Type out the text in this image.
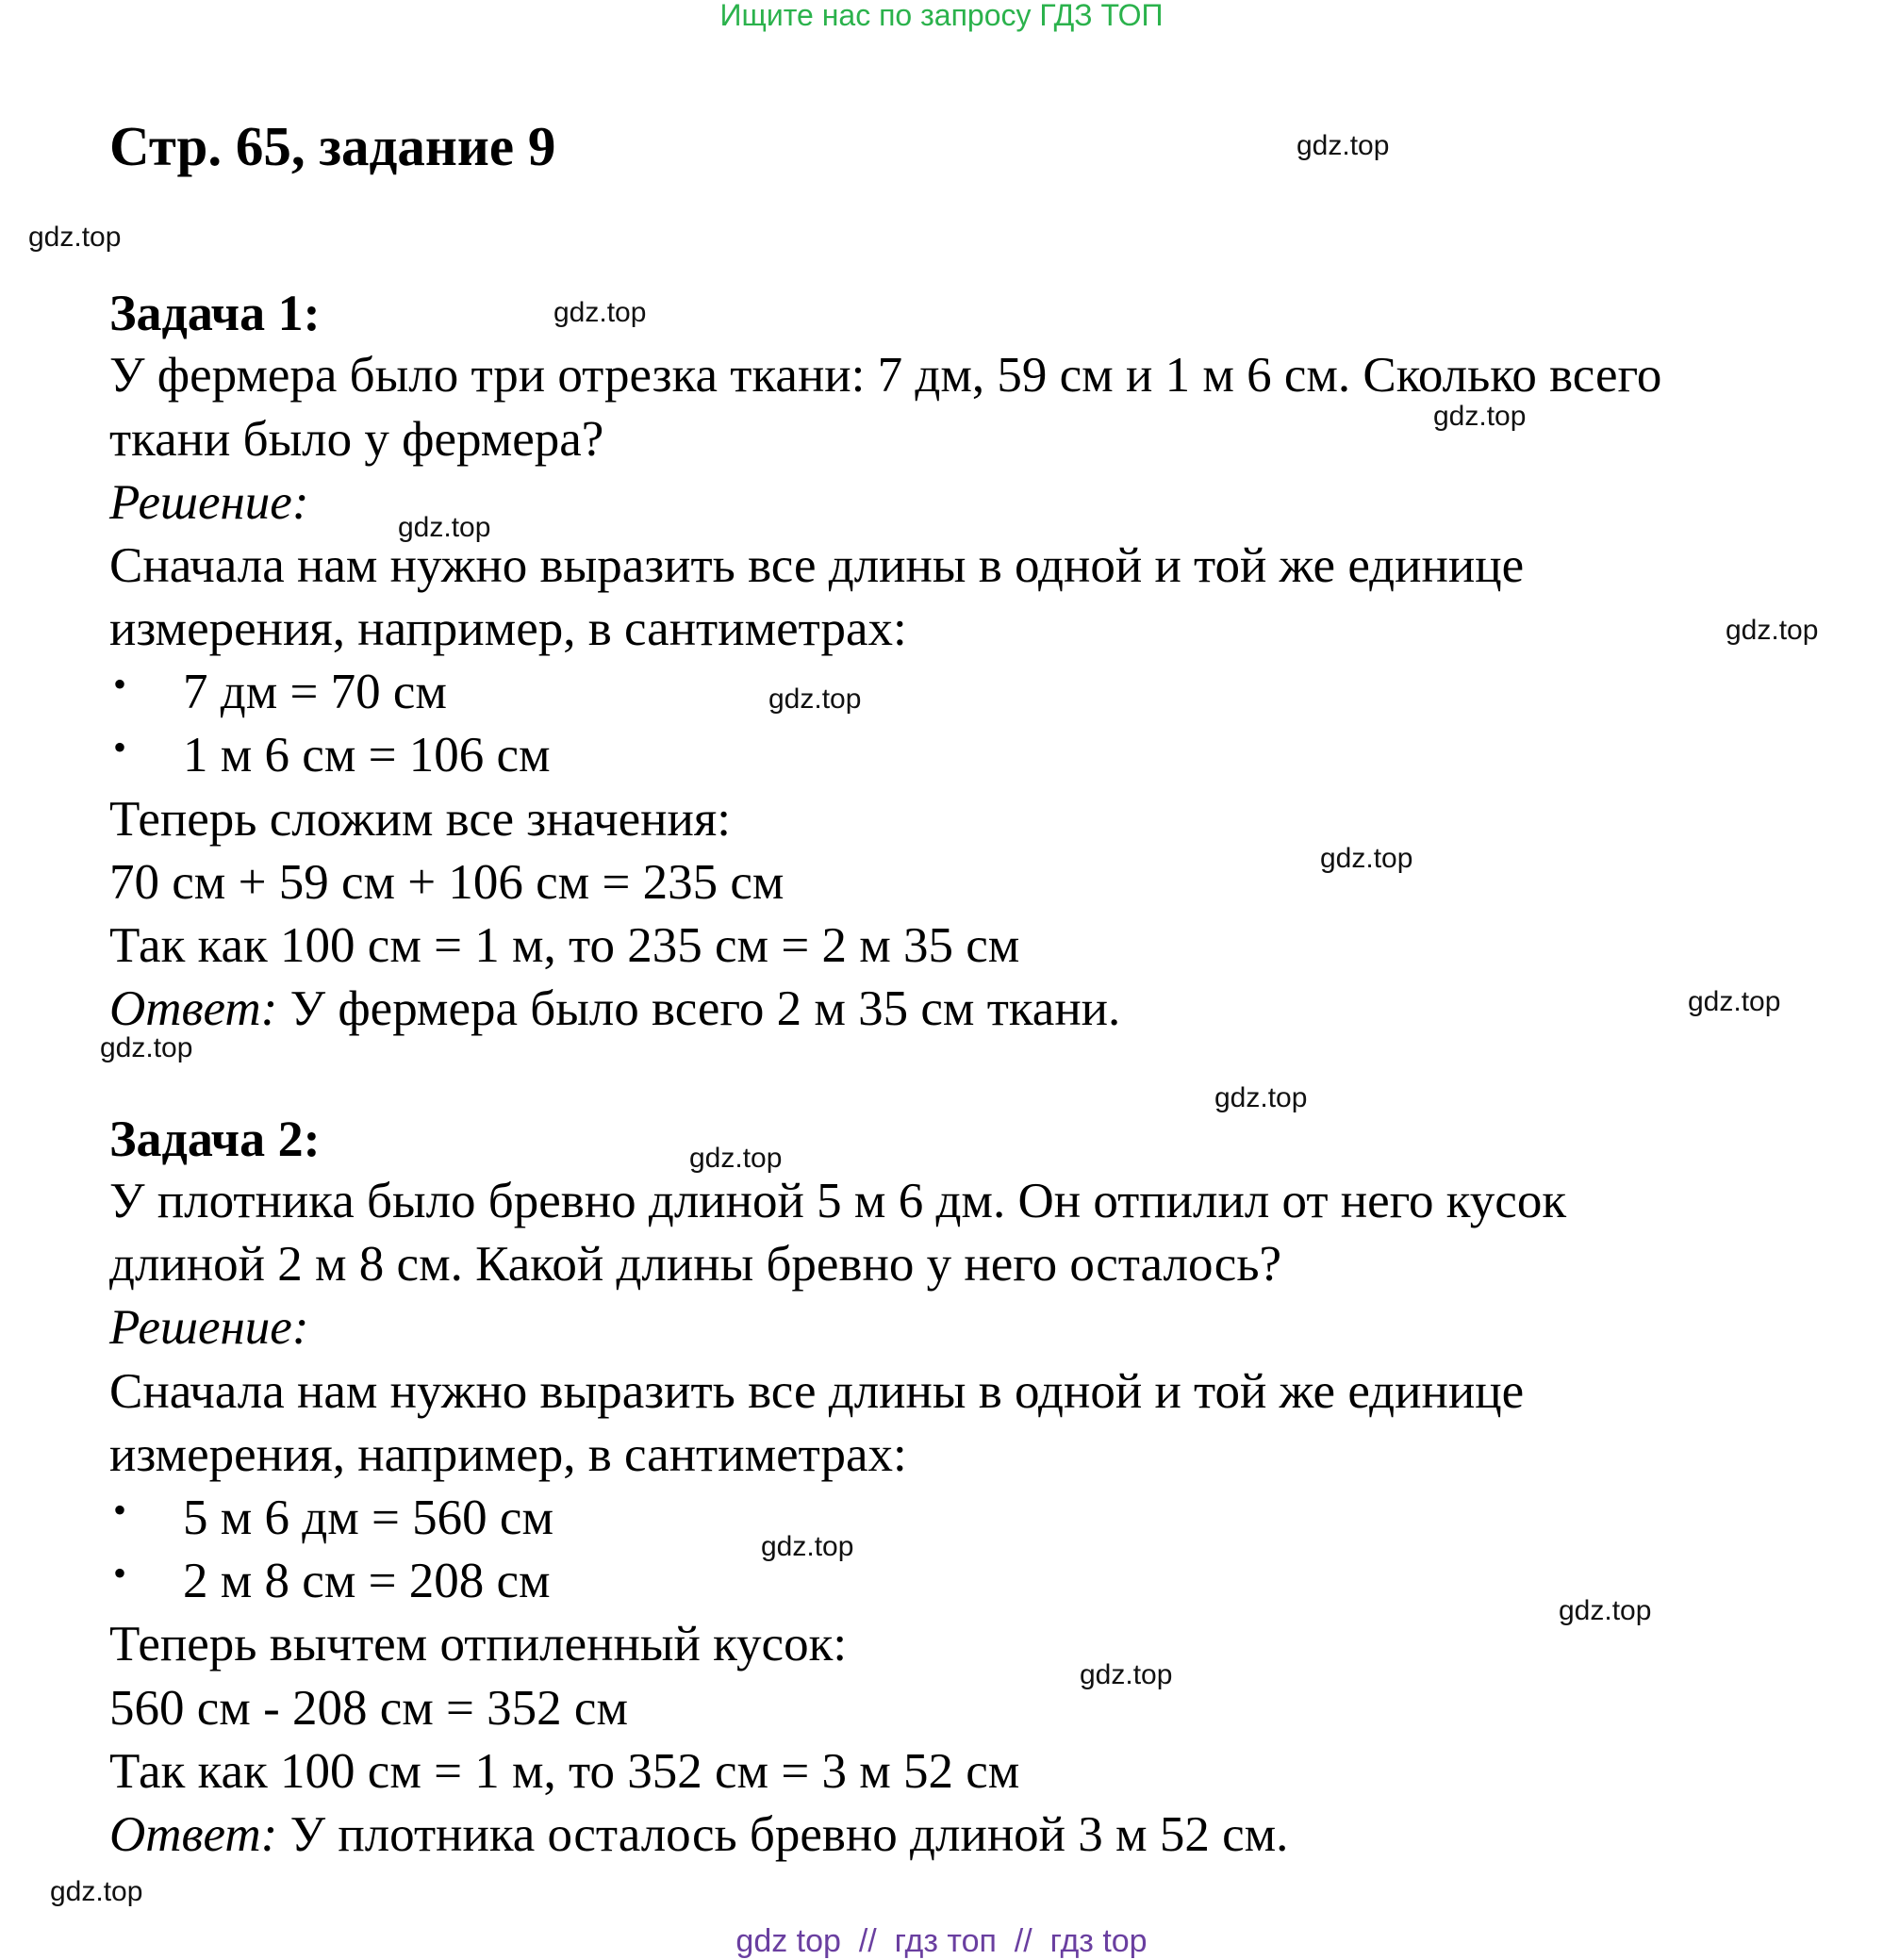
Ищите нас по запросу ГДЗ ТОП
Стр. 65, задание 9
Задача 1:
У фермера было три отрезка ткани: 7 дм, 59 см и 1 м 6 см. Сколько всего
ткани было у фермера?
Решение:
Сначала нам нужно выразить все длины в одной и той же единице
измерения, например, в сантиметрах:
• 7 дм = 70 см
• 1 м 6 см = 106 см
Теперь сложим все значения:
70 см + 59 см + 106 см = 235 см
Так как 100 см = 1 м, то 235 см = 2 м 35 см
Ответ: У фермера было всего 2 м 35 см ткани.
Задача 2:
У плотника было бревно длиной 5 м 6 дм. Он отпилил от него кусок
длиной 2 м 8 см. Какой длины бревно у него осталось?
Решение:
Сначала нам нужно выразить все длины в одной и той же единице
измерения, например, в сантиметрах:
• 5 м 6 дм = 560 см
• 2 м 8 см = 208 см
Теперь вычтем отпиленный кусок:
560 см - 208 см = 352 см
Так как 100 см = 1 м, то 352 см = 3 м 52 см
Ответ: У плотника осталось бревно длиной 3 м 52 см.
gdz.top
gdz.top
gdz.top
gdz.top
gdz.top
gdz.top
gdz.top
gdz.top
gdz.top
gdz.top
gdz.top
gdz.top
gdz.top
gdz.top
gdz.top
gdz.top
gdz top  //  гдз топ  //  гдз top
